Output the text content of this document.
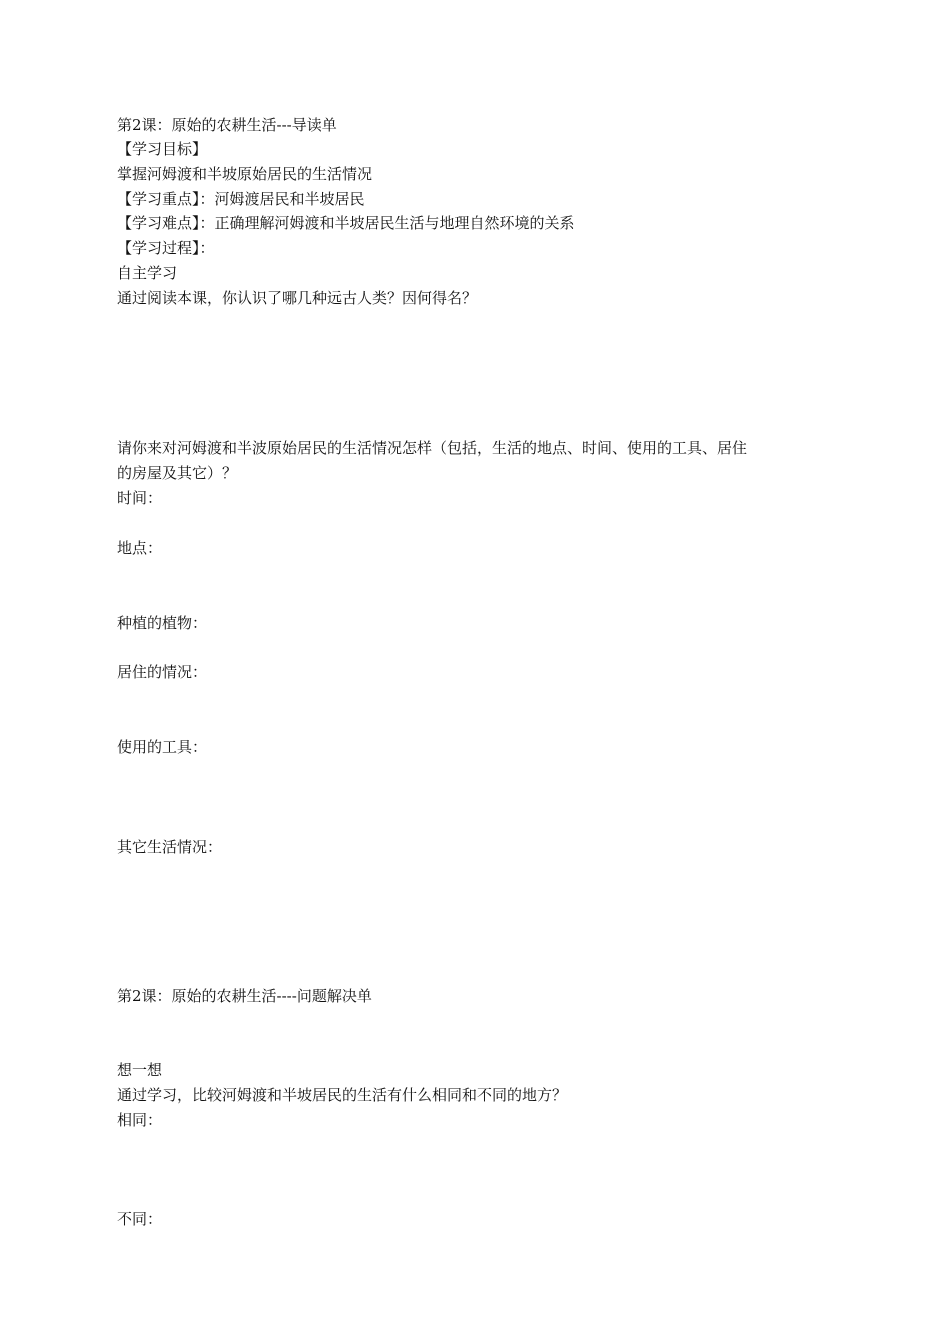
第2课：原始的农耕生活---导读单
【学习目标】
掌握河姆渡和半坡原始居民的生活情况
【学习重点】：河姆渡居民和半坡居民
【学习难点】：正确理解河姆渡和半坡居民生活与地理自然环境的关系
【学习过程】：
自主学习
通过阅读本课，你认识了哪几种远古人类？因何得名？
请你来对河姆渡和半波原始居民的生活情况怎样（包括，生活的地点、时间、使用的工具、居住
的房屋及其它）？
时间：
地点：
种植的植物：
居住的情况：
使用的工具：
其它生活情况：
第2课：原始的农耕生活----问题解决单
想一想
通过学习，比较河姆渡和半坡居民的生活有什么相同和不同的地方？
相同：
不同：
